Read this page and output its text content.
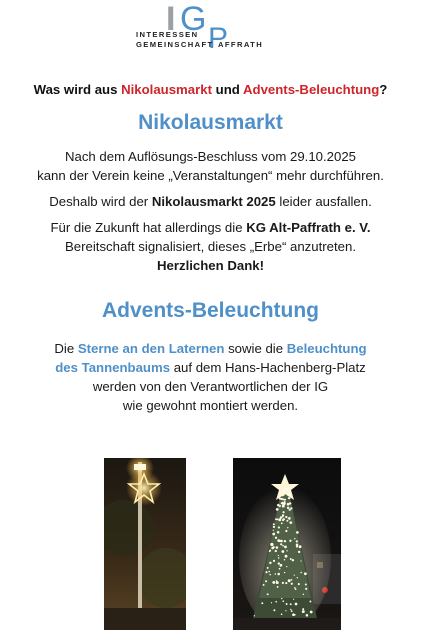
I G
P
INTERESSEN
GEMEINSCHAFT AFFRATH
Was wird aus Nikolausmarkt und Advents-Beleuchtung?
Nikolausmarkt
Nach dem Auflösungs-Beschluss vom 29.10.2025
kann der Verein keine „Veranstaltungen“ mehr durchführen.
Deshalb wird der Nikolausmarkt 2025 leider ausfallen.
Für die Zukunft hat allerdings die KG Alt-Paffrath e. V.
Bereitschaft signalisiert, dieses „Erbe“ anzutreten.
Herzlichen Dank!
Advents-Beleuchtung
Die Sterne an den Laternen sowie die Beleuchtung
des Tannenbaums auf dem Hans-Hachenberg-Platz
werden von den Verantwortlichen der IG
wie gewohnt montiert werden.
